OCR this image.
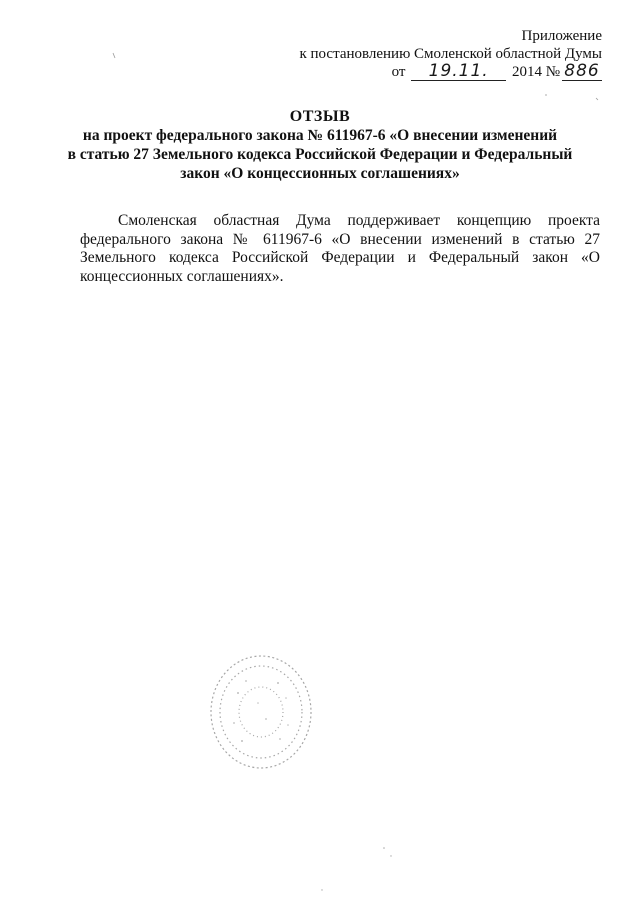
Приложение
к постановлению Смоленской областной Думы
от 19.11. 2014 № 886
ОТЗЫВ
на проект федерального закона № 611967-6 «О внесении изменений
в статью 27 Земельного кодекса Российской Федерации и Федеральный
закон «О концессионных соглашениях»
Смоленская областная Дума поддерживает концепцию проекта федерального закона № 611967-6 «О внесении изменений в статью 27 Земельного кодекса Российской Федерации и Федеральный закон «О концессионных соглашениях».
